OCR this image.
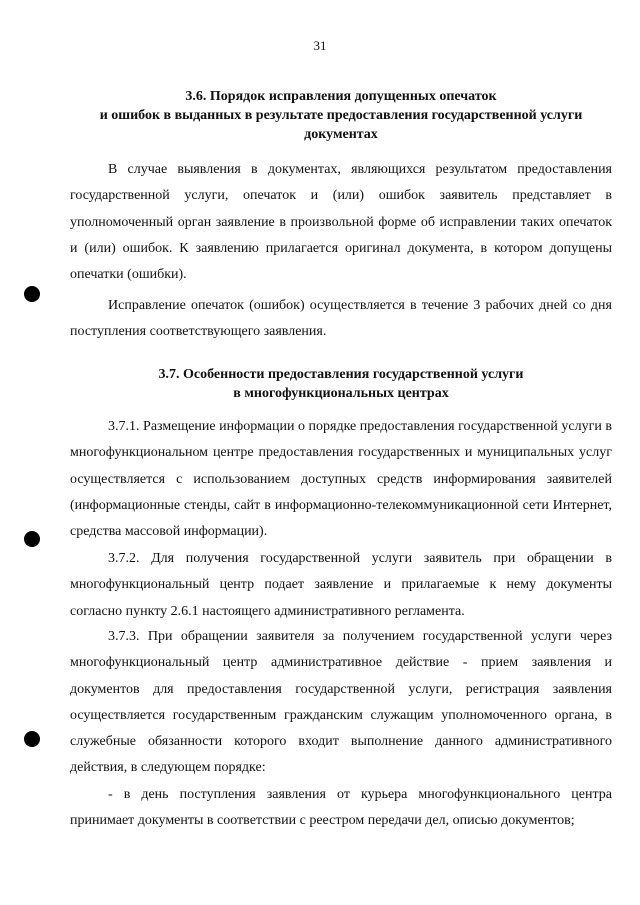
31
3.6. Порядок исправления допущенных опечаток
и ошибок в выданных в результате предоставления государственной услуги
документах

В случае выявления в документах, являющихся результатом предоставления государственной услуги, опечаток и (или) ошибок заявитель представляет в уполномоченный орган заявление в произвольной форме об исправлении таких опечаток и (или) ошибок. К заявлению прилагается оригинал документа, в котором допущены опечатки (ошибки).

Исправление опечаток (ошибок) осуществляется в течение 3 рабочих дней со дня поступления соответствующего заявления.

3.7. Особенности предоставления государственной услуги
в многофункциональных центрах

3.7.1. Размещение информации о порядке предоставления государственной услуги в многофункциональном центре предоставления государственных и муниципальных услуг осуществляется с использованием доступных средств информирования заявителей (информационные стенды, сайт в информационно-телекоммуникационной сети Интернет, средства массовой информации).

3.7.2. Для получения государственной услуги заявитель при обращении в многофункциональный центр подает заявление и прилагаемые к нему документы согласно пункту 2.6.1 настоящего административного регламента.

3.7.3. При обращении заявителя за получением государственной услуги через многофункциональный центр административное действие - прием заявления и документов для предоставления государственной услуги, регистрация заявления осуществляется государственным гражданским служащим уполномоченного органа, в служебные обязанности которого входит выполнение данного административного действия, в следующем порядке:

- в день поступления заявления от курьера многофункционального центра принимает документы в соответствии с реестром передачи дел, описью документов;
